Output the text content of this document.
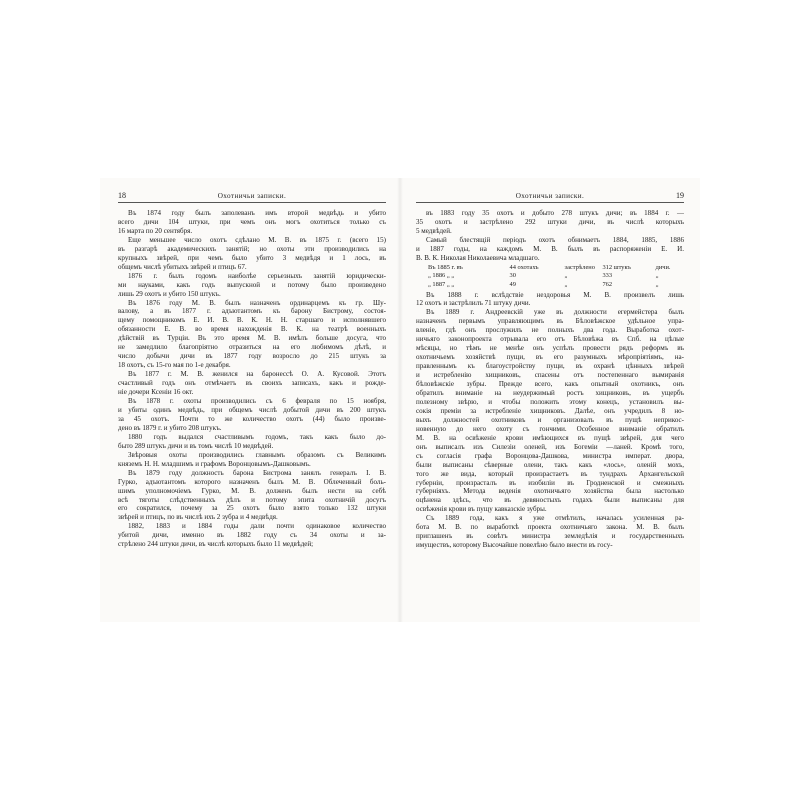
18	Охотничьи записки.
Въ 1874 году былъ заполеванъ имъ второй медвѣдь и убито
всего дичи 104 штуки, при чемъ онъ могъ охотиться только съ
16 марта по 20 сентября.
Еще меньшее число охотъ сдѣлано М. В. въ 1875 г. (всего 15)
въ разгарѣ академическихъ занятій; но охоты эти производились на
крупныхъ звѣрей, при чемъ было убито 3 медвѣдя и 1 лось, въ
общемъ числѣ убитыхъ звѣрей и птицъ 67.
1876 г. былъ годомъ наиболѣе серьезныхъ занятій юридически-
ми науками, какъ годъ выпускной и потому было произведено
лишь 29 охотъ и убито 150 штукъ.
Въ 1876 году М. В. былъ назначенъ ординарцемъ къ гр. Шу-
валову, а въ 1877 г. адъютантомъ къ барону Бистрому, состоя-
щему помощникомъ Е. И. В. В. К. Н. Н. старшаго и исполнявшего
обязанности Е. В. во время нахожденія В. К. на театрѣ военныхъ
дѣйствій въ Турціи. Въ это время М. В. имѣлъ больше досуга, что
не замедлило благопріятно отразиться на его любимомъ дѣлѣ, и
число добычи дичи въ 1877 году возросло до 215 штукъ за
18 охотъ, съ 15-го мая по 1-е декабря.
Въ 1877 г. М. В. женился на баронессѣ О. А. Кусовой. Этотъ
счастливый годъ онъ отмѣчаетъ въ своихъ записахъ, какъ и рожде-
ніе дочери Ксеніи 16 окт.
Въ 1878 г. охоты производились съ 6 февраля по 15 ноября,
и убиты одинъ медвѣдь, при общемъ числѣ добытой дичи въ 200 штукъ
за 45 охотъ. Почти то же количество охотъ (44) было произве-
дено въ 1879 г. и убито 208 штукъ.
1880 годъ выдался счастливымъ годомъ, такъ какъ было до-
быто 289 штукъ дичи и въ томъ числѣ 10 медвѣдей.
Звѣровыя охоты производились главнымъ образомъ съ Великимъ
княземъ Н. Н. младшимъ и графомъ Воронцовымъ-Дашковымъ.
Въ 1879 году должность барона Бистрома занялъ генералъ I. В.
Гурко, адъютантомъ которого назначенъ былъ М. В. Облеченный боль-
шимъ уполномочіемъ Гурко, М. В. долженъ былъ нести на себѣ
всѣ тяготы слѣдственныхъ дѣлъ и потому эпита охотничій досугъ
его сократился, почему за 25 охотъ было взято только 132 штуки
звѣрей и птицъ, по въ числѣ ихъ 2 зубра и 4 медвѣдя.
1882, 1883 и 1884 годы дали почти одинаковое количество
убитой дичи, именно въ 1882 году съ 34 охоты и за-
стрѣлено 244 штуки дичи, въ числѣ которыхъ было 11 медвѣдей;
Охотничьи записки.	19
въ 1883 году 35 охотъ и добыто 278 штукъ дичи; въ 1884 г. —
35 охотъ и застрѣлено 292 штуки дичи, въ числѣ которыхъ
5 медвѣдей.
Самый блестящій періодъ охотъ обнимаетъ 1884, 1885, 1886
и 1887 годы, на каждомъ М. В. былъ въ распоряженіи Е. И.
В. В. К. Николая Николаевича младшаго.
Въ 1885 г. въ	44 охотахъ	застрѣлено	312 штукъ	дичи.
„ 1886 „ „	30	„	333	„
„ 1887 „ „	49	„	762	„
Въ 1888 г. вслѣдствіе нездоровья М. В. произвелъ лишь
12 охотъ и застрѣлилъ 71 штуку дичи.
Въ 1889 г. Андреевскій уже въ должности егермейстера былъ
назначенъ первымъ управляющимъ въ Бѣловѣжское удѣльное упра-
вленіе, гдѣ онъ прослужилъ не полныхъ два года. Выработка охот-
ничьяго законопроекта отрывала его отъ Бѣловѣжа въ Спб. на цѣлые
мѣсяцы, но тѣмъ не менѣе онъ успѣлъ провести рядъ реформъ въ
охотничьемъ хозяйствѣ пущи, въ его разумныхъ мѣропріятіямъ, на-
правленнымъ къ благоустройству пущи, въ охранѣ цѣнныхъ звѣрей
и истребленію хищниковъ, спасены отъ постепеннаго вымиранія
бѣловѣжскіе зубры. Прежде всего, какъ опытный охотникъ, онъ
обратилъ вниманіе на неудержимый ростъ хищниковъ, въ ущербъ
полезному звѣрю, и чтобы положить этому конецъ, установилъ вы-
сокія преміи за истребленіе хищниковъ. Далѣе, онъ учредилъ 8 но-
выхъ должностей охотниковъ и организовалъ въ пущѣ неприкос-
новенную до него охоту съ гончими. Особенное вниманіе обратилъ
М. В. на освѣженіе крови имѣющихся въ пущѣ звѣрей, для чего
онъ выписалъ изъ Силезіи оленей, изъ Богеміи —ланей. Кромѣ того,
съ согласія графа Воронцова-Дашкова, министра императ. двора,
были выписаны сѣверные олени, такъ какъ «лось», оленій мохъ,
того же вида, который произрастаетъ въ тундрахъ Архангельской
губерніи, произрасталъ въ изобиліи въ Гродненской и смежныхъ
губерніяхъ. Метода веденія охотничьяго хозяйства была настолько
оцѣнена здѣсь, что въ девяностыхъ годахъ были выписаны для
освѣженія крови въ пущу кавказскіе зубры.
Съ 1889 года, какъ я уже отмѣтилъ, началась усиленная ра-
бота М. В. по выработкѣ проекта охотничьяго закона. М. В. былъ
приглашенъ въ совѣтъ министра земледѣлія и государственныхъ
имуществъ, которому Высочайше повелѣно было внести въ госу-
